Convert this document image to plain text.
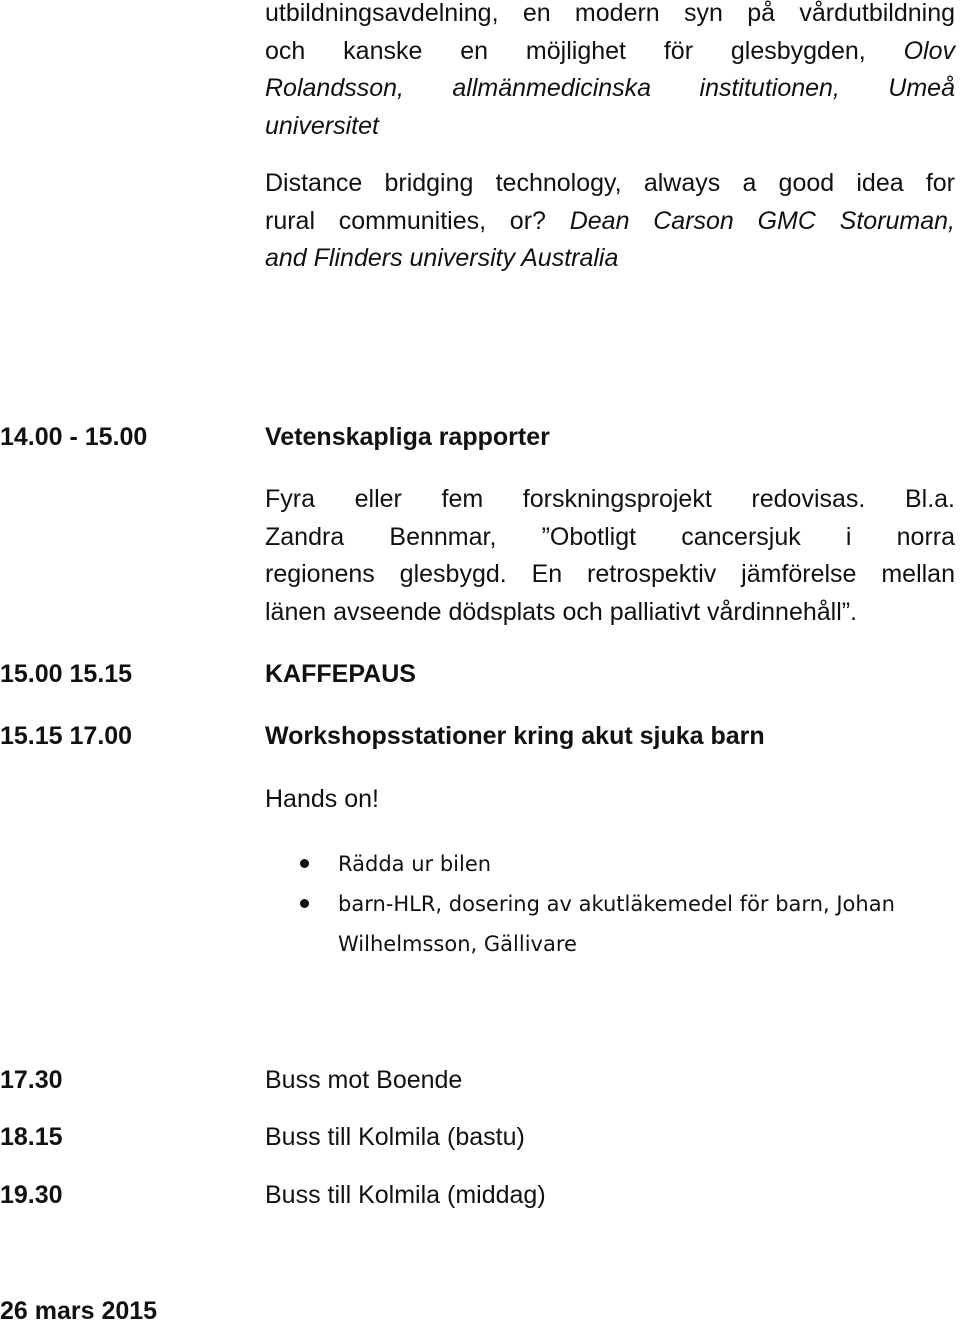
utbildningsavdelning, en modern syn på vårdutbildning
och kanske en möjlighet för glesbygden, Olov
Rolandsson, allmänmedicinska institutionen, Umeå
universitet
Distance bridging technology, always a good idea for
rural communities, or? Dean Carson GMC Storuman,
and Flinders university Australia
14.00 - 15.00	Vetenskapliga rapporter
Fyra eller fem forskningsprojekt redovisas. Bl.a.
Zandra Bennmar, ”Obotligt cancersjuk i norra
regionens glesbygd. En retrospektiv jämförelse mellan
länen avseende dödsplats och palliativt vårdinnehåll”.
15.00 15.15	KAFFEPAUS
15.15 17.00	Workshopsstationer kring akut sjuka barn
Hands on!
Rädda ur bilen
barn-HLR, dosering av akutläkemedel för barn, Johan
Wilhelmsson, Gällivare
17.30	Buss mot Boende
18.15	Buss till Kolmila (bastu)
19.30	Buss till Kolmila (middag)
26 mars 2015
